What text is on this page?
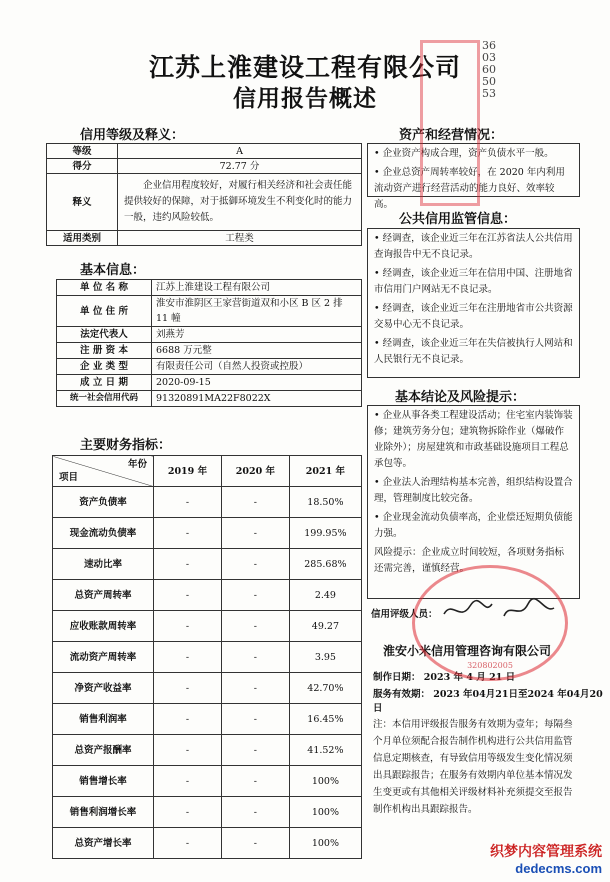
江苏上淮建设工程有限公司
信用报告概述
信用等级及释义：
等级	A
得分	72.77 分
释义	企业信用程度较好，对履行相关经济和社会责任能提供较好的保障，对于抵御环境发生不利变化时的能力一般，违约风险较低。
适用类别	工程类
基本信息：
单 位 名 称	江苏上淮建设工程有限公司
单 位 住 所	淮安市淮阴区王家营街道双和小区 B 区 2 排 11 幢
法定代表人	刘燕芳
注 册 资 本	6688 万元整
企 业 类 型	有限责任公司（自然人投资或控股）
成 立 日 期	2020-09-15
统一社会信用代码	91320891MA22F8022X
主要财务指标：
年份
项目	2019 年	2020 年	2021 年
资产负债率	-	-	18.50%
现金流动负债率	-	-	199.95%
速动比率	-	-	285.68%
总资产周转率	-	-	2.49
应收账款周转率	-	-	49.27
流动资产周转率	-	-	3.95
净资产收益率	-	-	42.70%
销售利润率	-	-	16.45%
总资产报酬率	-	-	41.52%
销售增长率	-	-	100%
销售利润增长率	-	-	100%
总资产增长率	-	-	100%
资产和经营情况：

• 企业资产构成合理，资产负债水平一般。

• 企业总资产周转率较好，在 2020 年内利用流动资产进行经营活动的能力良好、效率较高。

公共信用监管信息：

• 经调查，该企业近三年在江苏省法人公共信用查询报告中无不良记录。

• 经调查，该企业近三年在信用中国、注册地省市信用门户网站无不良记录。

• 经调查，该企业近三年在注册地省市公共资源交易中心无不良记录。

• 经调查，该企业近三年在失信被执行人网站和人民银行无不良记录。

基本结论及风险提示：

• 企业从事各类工程建设活动；住宅室内装饰装修；建筑劳务分包；建筑物拆除作业（爆破作业除外）；房屋建筑和市政基础设施项目工程总承包等。

• 企业法人治理结构基本完善，组织结构设置合理，管理制度比较完备。

• 企业现金流动负债率高，企业偿还短期负债能力强。

风险提示：企业成立时间较短，各项财务指标还需完善，谨慎经营。

信用评级人员：
淮安小米信用管理咨询有限公司
制作日期： 2023 年 4 月 21 日
服务有效期： 2023 年04月21日至2024 年04月20日
注：本信用评级报告服务有效期为壹年；每隔叁个月单位须配合报告制作机构进行公共信用监管信息定期核查，有导致信用等级发生变化情况须出具跟踪报告；在服务有效期内单位基本情况发生变更或有其他相关评级材料补充须提交至报告制作机构出具跟踪报告。
320802005
3603605053
织梦内容管理系统
dedecms.com
